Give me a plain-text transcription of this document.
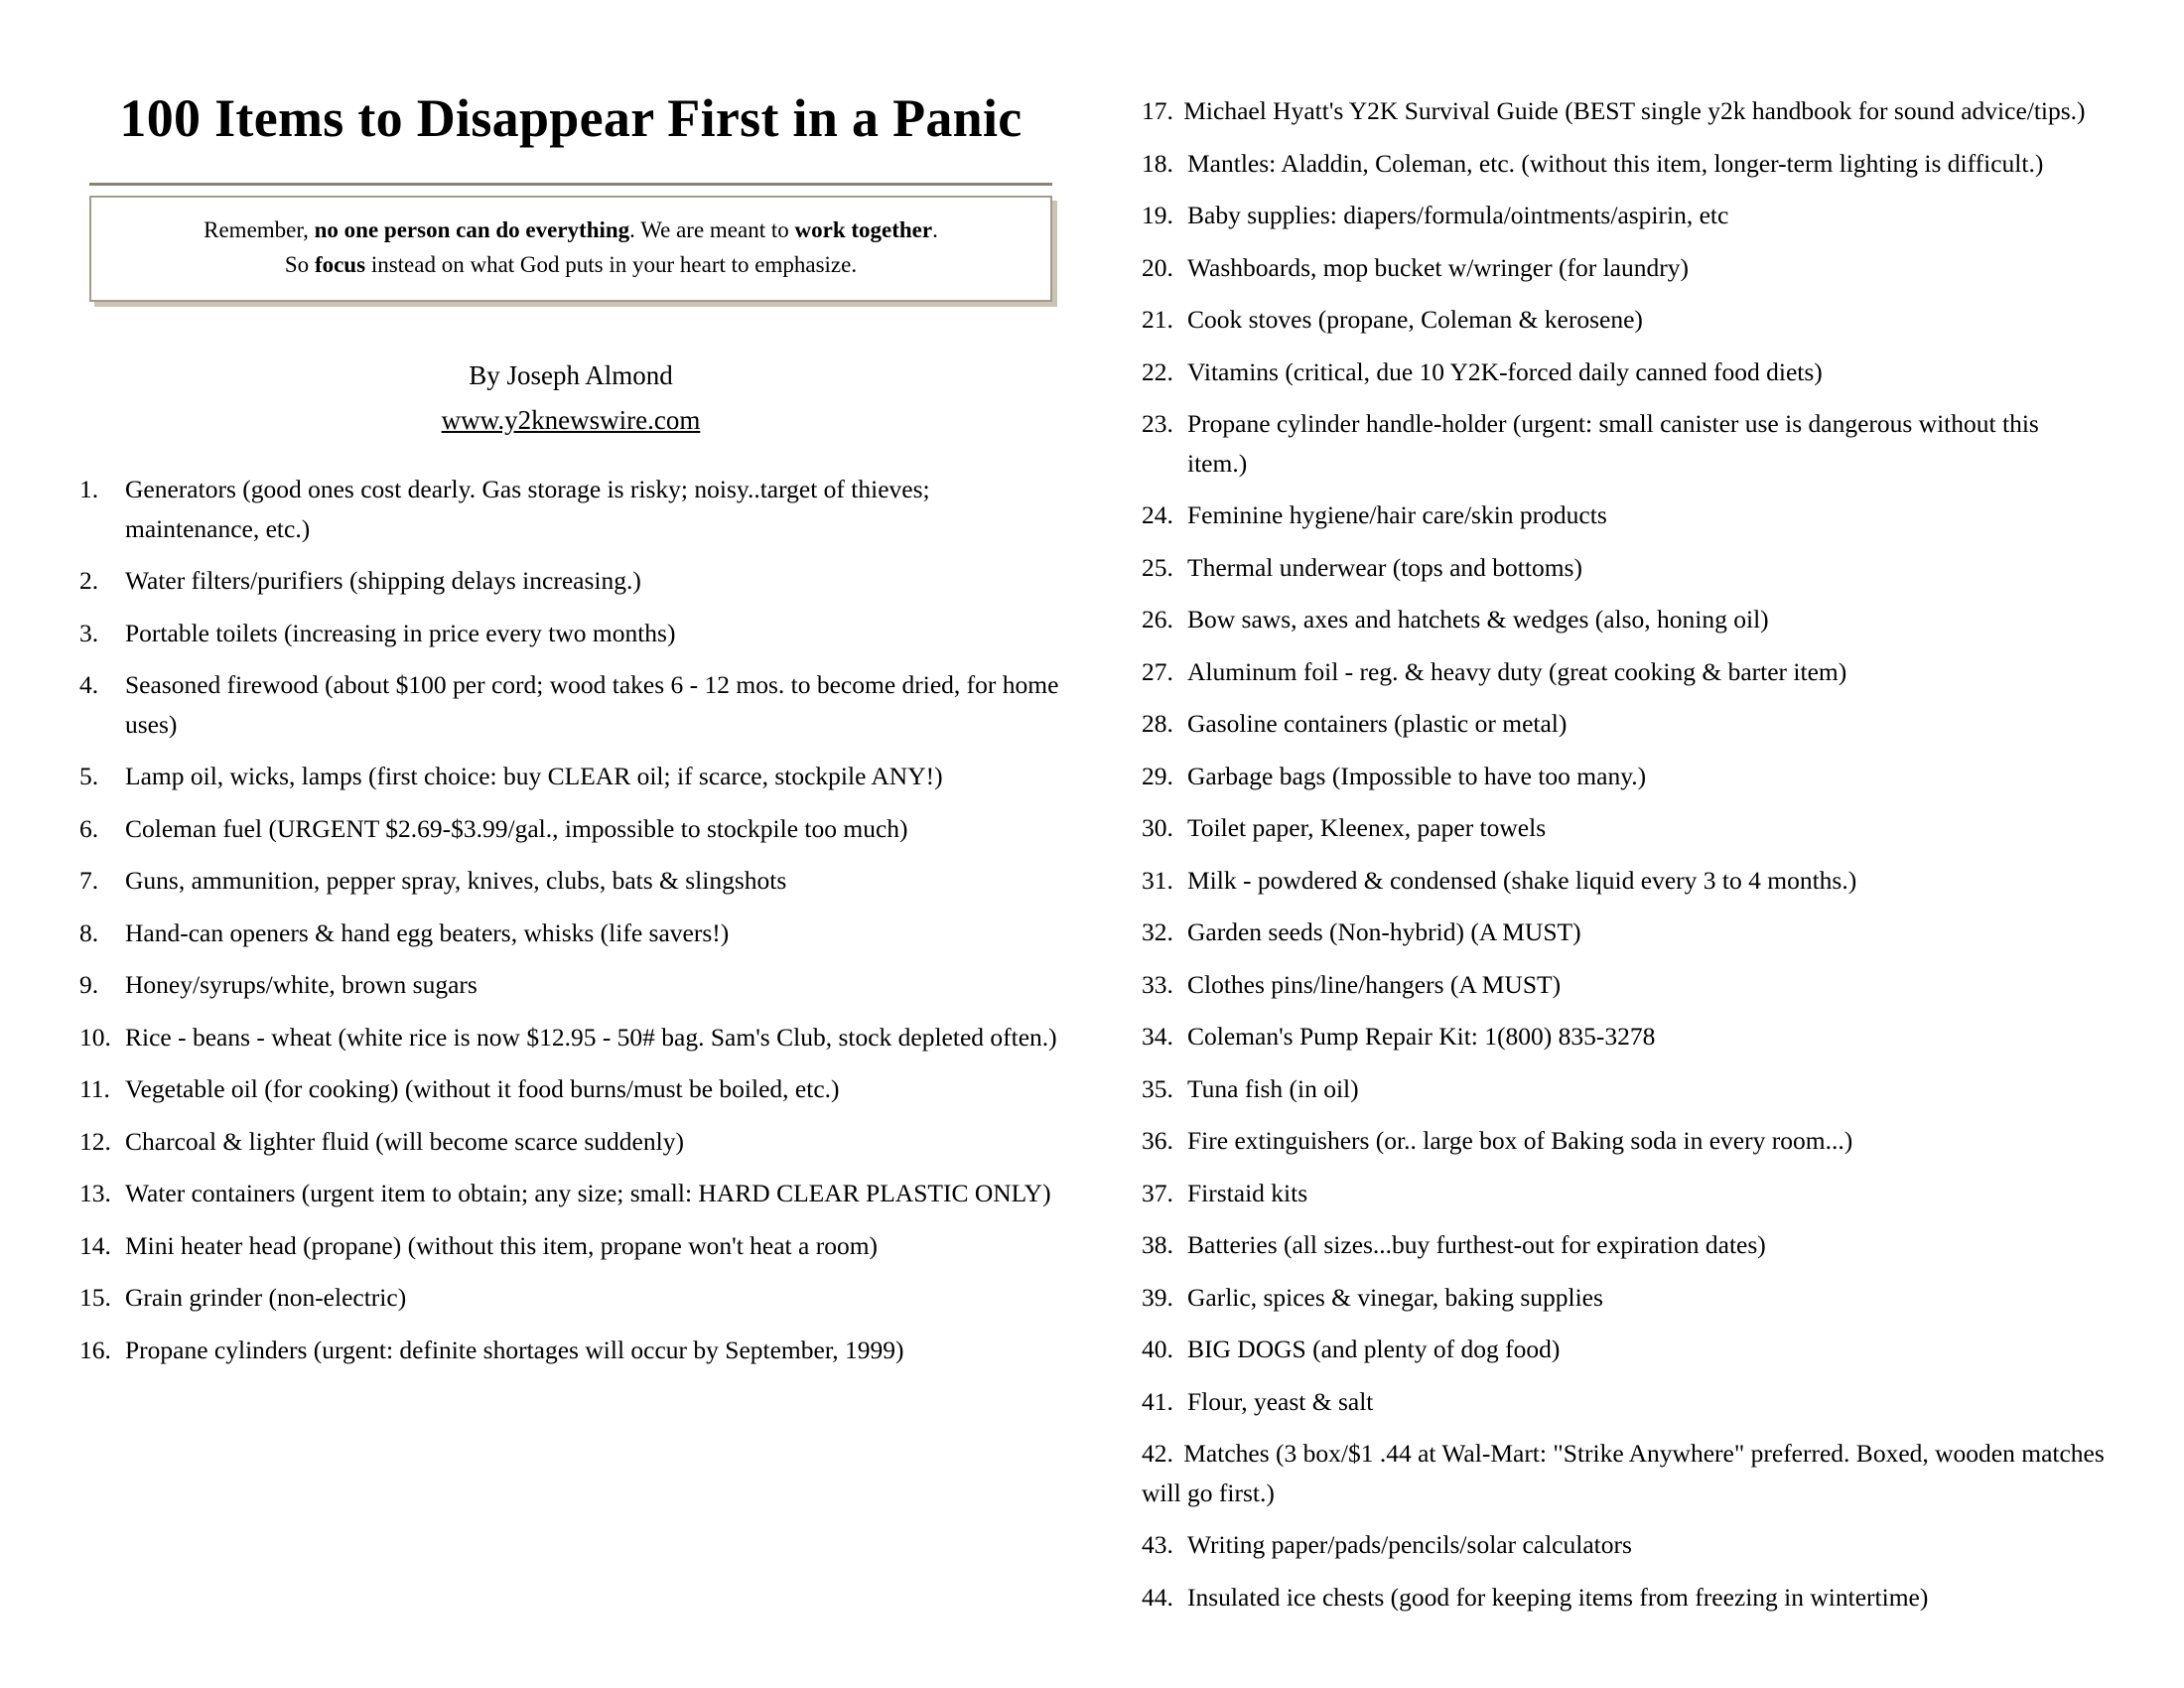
100 Items to Disappear First in a Panic
Remember, no one person can do everything. We are meant to work together.
So focus instead on what God puts in your heart to emphasize.
By Joseph Almond
www.y2knewswire.com
1.	Generators (good ones cost dearly. Gas storage is risky; noisy..target of thieves; maintenance, etc.)
2.	Water filters/purifiers (shipping delays increasing.)
3.	Portable toilets (increasing in price every two months)
4.	Seasoned firewood (about $100 per cord; wood takes 6 - 12 mos. to become dried, for home uses)
5.	Lamp oil, wicks, lamps (first choice: buy CLEAR oil; if scarce, stockpile ANY!)
6.	Coleman fuel (URGENT $2.69-$3.99/gal., impossible to stockpile too much)
7.	Guns, ammunition, pepper spray, knives, clubs, bats & slingshots
8.	Hand-can openers & hand egg beaters, whisks (life savers!)
9.	Honey/syrups/white, brown sugars
10. Rice - beans - wheat (white rice is now $12.95 - 50# bag. Sam's Club, stock depleted often.)
11. Vegetable oil (for cooking) (without it food burns/must be boiled, etc.)
12. Charcoal & lighter fluid (will become scarce suddenly)
13. Water containers (urgent item to obtain; any size; small: HARD CLEAR PLASTIC ONLY)
14. Mini heater head (propane) (without this item, propane won't heat a room)
15. Grain grinder (non-electric)
16. Propane cylinders (urgent: definite shortages will occur by September, 1999)
17. Michael Hyatt's Y2K Survival Guide (BEST single y2k handbook for sound advice/tips.)
18. Mantles: Aladdin, Coleman, etc. (without this item, longer-term lighting is difficult.)
19. Baby supplies: diapers/formula/ointments/aspirin, etc
20. Washboards, mop bucket w/wringer (for laundry)
21. Cook stoves (propane, Coleman & kerosene)
22. Vitamins (critical, due 10 Y2K-forced daily canned food diets)
23. Propane cylinder handle-holder (urgent: small canister use is dangerous without this item.)
24. Feminine hygiene/hair care/skin products
25. Thermal underwear (tops and bottoms)
26. Bow saws, axes and hatchets & wedges (also, honing oil)
27. Aluminum foil - reg. & heavy duty (great cooking & barter item)
28. Gasoline containers (plastic or metal)
29. Garbage bags (Impossible to have too many.)
30. Toilet paper, Kleenex, paper towels
31. Milk - powdered & condensed (shake liquid every 3 to 4 months.)
32. Garden seeds (Non-hybrid) (A MUST)
33. Clothes pins/line/hangers (A MUST)
34. Coleman's Pump Repair Kit: 1(800) 835-3278
35. Tuna fish (in oil)
36. Fire extinguishers (or.. large box of Baking soda in every room...)
37. Firstaid kits
38. Batteries (all sizes...buy furthest-out for expiration dates)
39. Garlic, spices & vinegar, baking supplies
40. BIG DOGS (and plenty of dog food)
41. Flour, yeast & salt
42. Matches (3 box/$1 .44 at Wal-Mart: "Strike Anywhere" preferred. Boxed, wooden matches will go first.)
43. Writing paper/pads/pencils/solar calculators
44. Insulated ice chests (good for keeping items from freezing in wintertime)
